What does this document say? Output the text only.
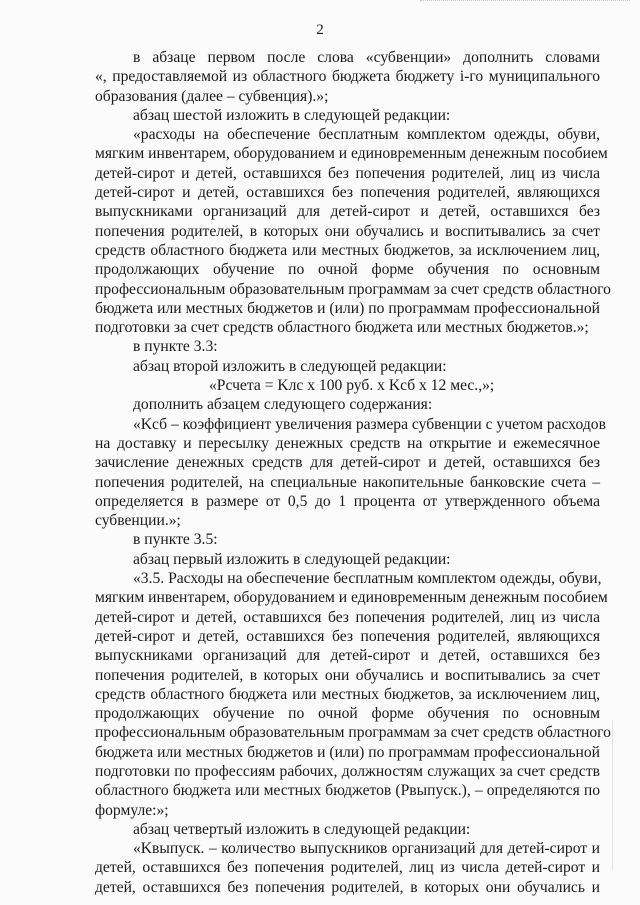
2
в абзаце первом после слова «субвенции» дополнить словами
«, предоставляемой из областного бюджета бюджету i-го муниципального
образования (далее – субвенция).»;
абзац шестой изложить в следующей редакции:
«расходы на обеспечение бесплатным комплектом одежды, обуви,
мягким инвентарем, оборудованием и единовременным денежным пособием
детей-сирот и детей, оставшихся без попечения родителей, лиц из числа
детей-сирот и детей, оставшихся без попечения родителей, являющихся
выпускниками организаций для детей-сирот и детей, оставшихся без
попечения родителей, в которых они обучались и воспитывались за счет
средств областного бюджета или местных бюджетов, за исключением лиц,
продолжающих обучение по очной форме обучения по основным
профессиональным образовательным программам за счет средств областного
бюджета или местных бюджетов и (или) по программам профессиональной
подготовки за счет средств областного бюджета или местных бюджетов.»;
в пункте 3.3:
абзац второй изложить в следующей редакции:
«Pсчета = Kлс x 100 руб. x Kсб x 12 мес.,»;
дополнить абзацем следующего содержания:
«Kсб – коэффициент увеличения размера субвенции с учетом расходов
на доставку и пересылку денежных средств на открытие и ежемесячное
зачисление денежных средств для детей-сирот и детей, оставшихся без
попечения родителей, на специальные накопительные банковские счета –
определяется в размере от 0,5 до 1 процента от утвержденного объема
субвенции.»;
в пункте 3.5:
абзац первый изложить в следующей редакции:
«3.5. Расходы на обеспечение бесплатным комплектом одежды, обуви,
мягким инвентарем, оборудованием и единовременным денежным пособием
детей-сирот и детей, оставшихся без попечения родителей, лиц из числа
детей-сирот и детей, оставшихся без попечения родителей, являющихся
выпускниками организаций для детей-сирот и детей, оставшихся без
попечения родителей, в которых они обучались и воспитывались за счет
средств областного бюджета или местных бюджетов, за исключением лиц,
продолжающих обучение по очной форме обучения по основным
профессиональным образовательным программам за счет средств областного
бюджета или местных бюджетов и (или) по программам профессиональной
подготовки по профессиям рабочих, должностям служащих за счет средств
областного бюджета или местных бюджетов (Pвыпуск.), – определяются по
формуле:»;
абзац четвертый изложить в следующей редакции:
«Kвыпуск. – количество выпускников организаций для детей-сирот и
детей, оставшихся без попечения родителей, лиц из числа детей-сирот и
детей, оставшихся без попечения родителей, в которых они обучались и
